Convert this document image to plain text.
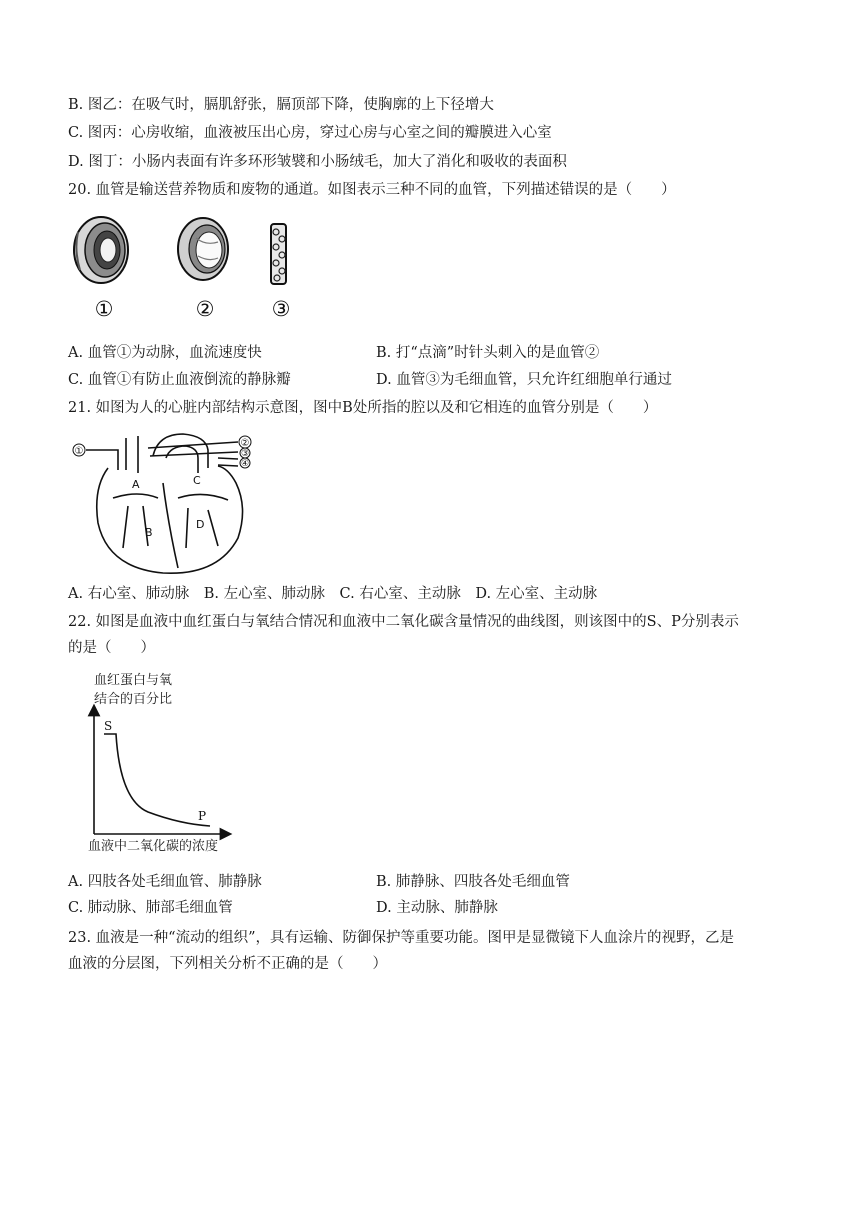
B. 图乙：在吸气时，膈肌舒张，膈顶部下降，使胸廓的上下径增大
C. 图丙：心房收缩，血液被压出心房，穿过心房与心室之间的瓣膜进入心室
D. 图丁：小肠内表面有许多环形皱襞和小肠绒毛，加大了消化和吸收的表面积
20. 血管是输送营养物质和废物的通道。如图表示三种不同的血管，下列描述错误的是（　　）
①	②	③
A. 血管①为动脉，血流速度快	B. 打“点滴”时针头刺入的是血管②
C. 血管①有防止血液倒流的静脉瓣	D. 血管③为毛细血管，只允许红细胞单行通过
21. 如图为人的心脏内部结构示意图，图中B处所指的腔以及和它相连的血管分别是（　　）
①
②
③
④
A
B
C
D
A. 右心室、肺动脉　B. 左心室、肺动脉　C. 右心室、主动脉　D. 左心室、主动脉
22. 如图是血液中血红蛋白与氧结合情况和血液中二氧化碳含量情况的曲线图，则该图中的S、P分别表示
的是（　　）
血红蛋白与氧
结合的百分比
S
P
血液中二氧化碳的浓度
A. 四肢各处毛细血管、肺静脉	B. 肺静脉、四肢各处毛细血管
C. 肺动脉、肺部毛细血管	D. 主动脉、肺静脉
23. 血液是一种“流动的组织”，具有运输、防御保护等重要功能。图甲是显微镜下人血涂片的视野，乙是
血液的分层图，下列相关分析不正确的是（　　）
